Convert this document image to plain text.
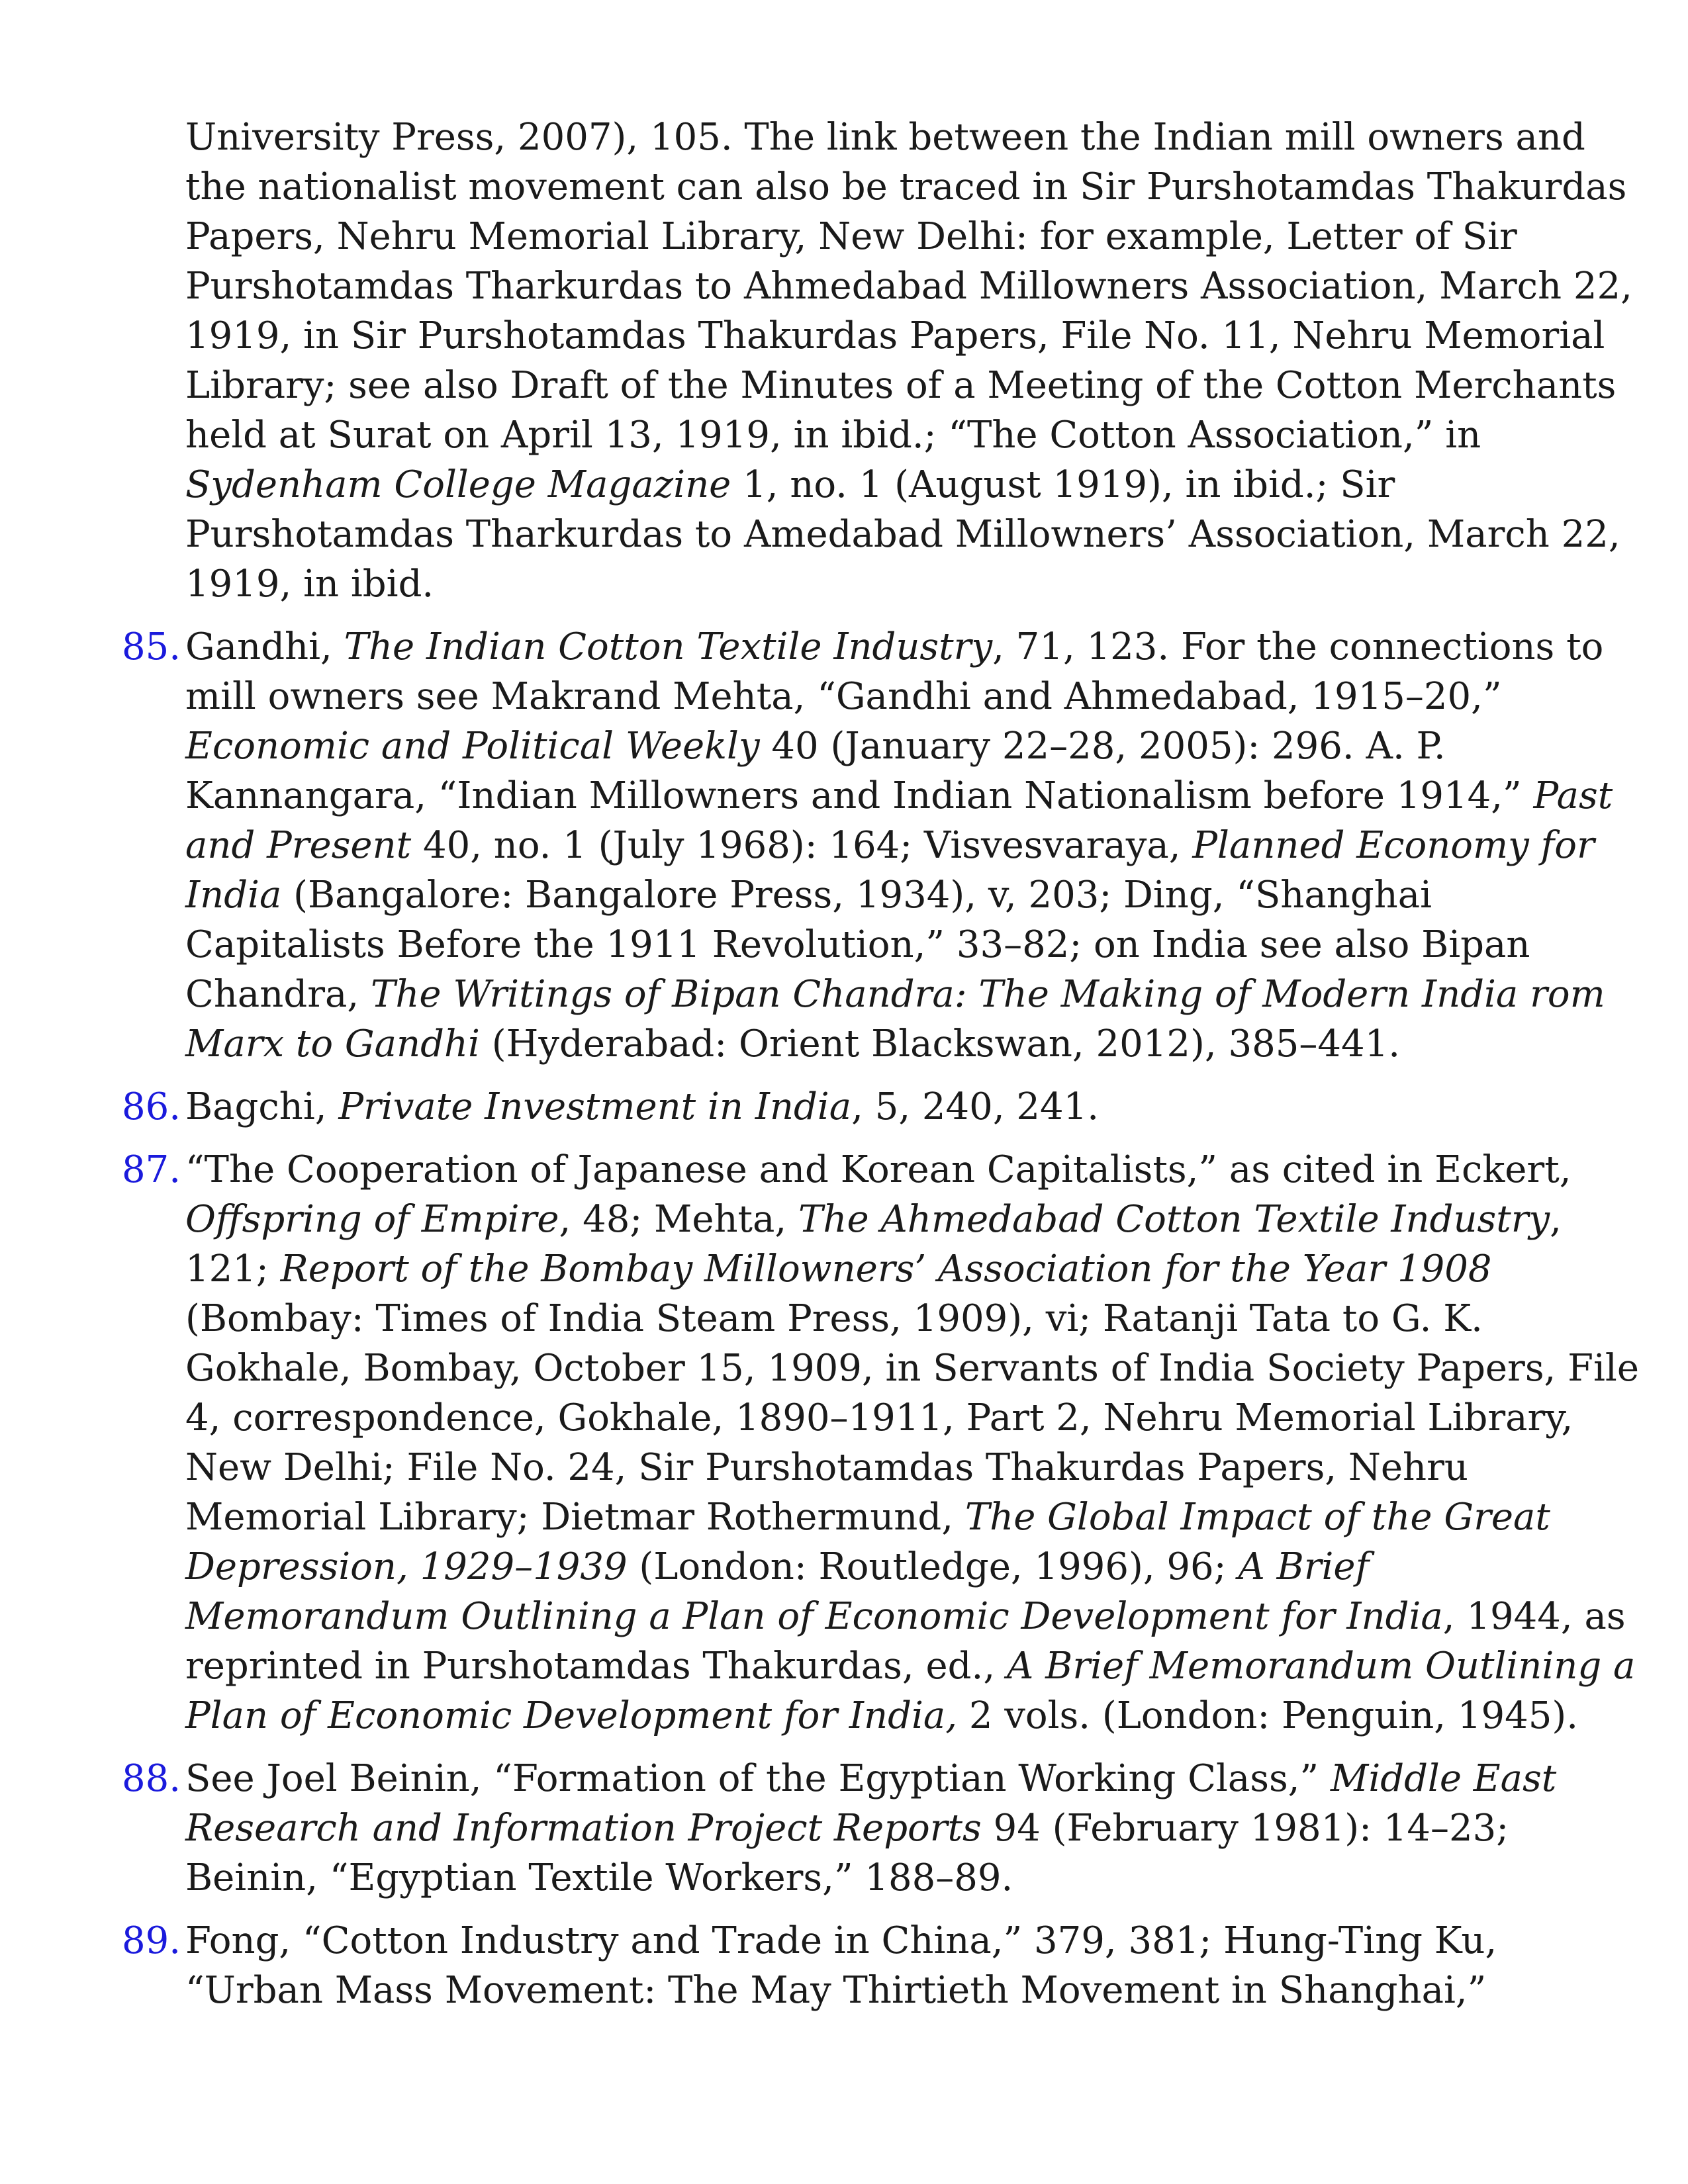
University Press, 2007), 105. The link between the Indian mill owners and the nationalist movement can also be traced in Sir Purshotamdas Thakurdas Papers, Nehru Memorial Library, New Delhi: for example, Letter of Sir Purshotamdas Tharkurdas to Ahmedabad Millowners Association, March 22, 1919, in Sir Purshotamdas Thakurdas Papers, File No. 11, Nehru Memorial Library; see also Draft of the Minutes of a Meeting of the Cotton Merchants held at Surat on April 13, 1919, in ibid.; “The Cotton Association,” in Sydenham College Magazine 1, no. 1 (August 1919), in ibid.; Sir Purshotamdas Tharkurdas to Amedabad Millowners’ Association, March 22, 1919, in ibid.
85. Gandhi, The Indian Cotton Textile Industry, 71, 123. For the connections to mill owners see Makrand Mehta, “Gandhi and Ahmedabad, 1915–20,” Economic and Political Weekly 40 (January 22–28, 2005): 296. A. P. Kannangara, “Indian Millowners and Indian Nationalism before 1914,” Past and Present 40, no. 1 (July 1968): 164; Visvesvaraya, Planned Economy for India (Bangalore: Bangalore Press, 1934), v, 203; Ding, “Shanghai Capitalists Before the 1911 Revolution,” 33–82; on India see also Bipan Chandra, The Writings of Bipan Chandra: The Making of Modern India rom Marx to Gandhi (Hyderabad: Orient Blackswan, 2012), 385–441.
86. Bagchi, Private Investment in India, 5, 240, 241.
87. “The Cooperation of Japanese and Korean Capitalists,” as cited in Eckert, Offspring of Empire, 48; Mehta, The Ahmedabad Cotton Textile Industry, 121; Report of the Bombay Millowners’ Association for the Year 1908 (Bombay: Times of India Steam Press, 1909), vi; Ratanji Tata to G. K. Gokhale, Bombay, October 15, 1909, in Servants of India Society Papers, File 4, correspondence, Gokhale, 1890–1911, Part 2, Nehru Memorial Library, New Delhi; File No. 24, Sir Purshotamdas Thakurdas Papers, Nehru Memorial Library; Dietmar Rothermund, The Global Impact of the Great Depression, 1929–1939 (London: Routledge, 1996), 96; A Brief Memorandum Outlining a Plan of Economic Development for India, 1944, as reprinted in Purshotamdas Thakurdas, ed., A Brief Memorandum Outlining a Plan of Economic Development for India, 2 vols. (London: Penguin, 1945).
88. See Joel Beinin, “Formation of the Egyptian Working Class,” Middle East Research and Information Project Reports 94 (February 1981): 14–23; Beinin, “Egyptian Textile Workers,” 188–89.
89. Fong, “Cotton Industry and Trade in China,” 379, 381; Hung-Ting Ku, “Urban Mass Movement: The May Thirtieth Movement in Shanghai,”
